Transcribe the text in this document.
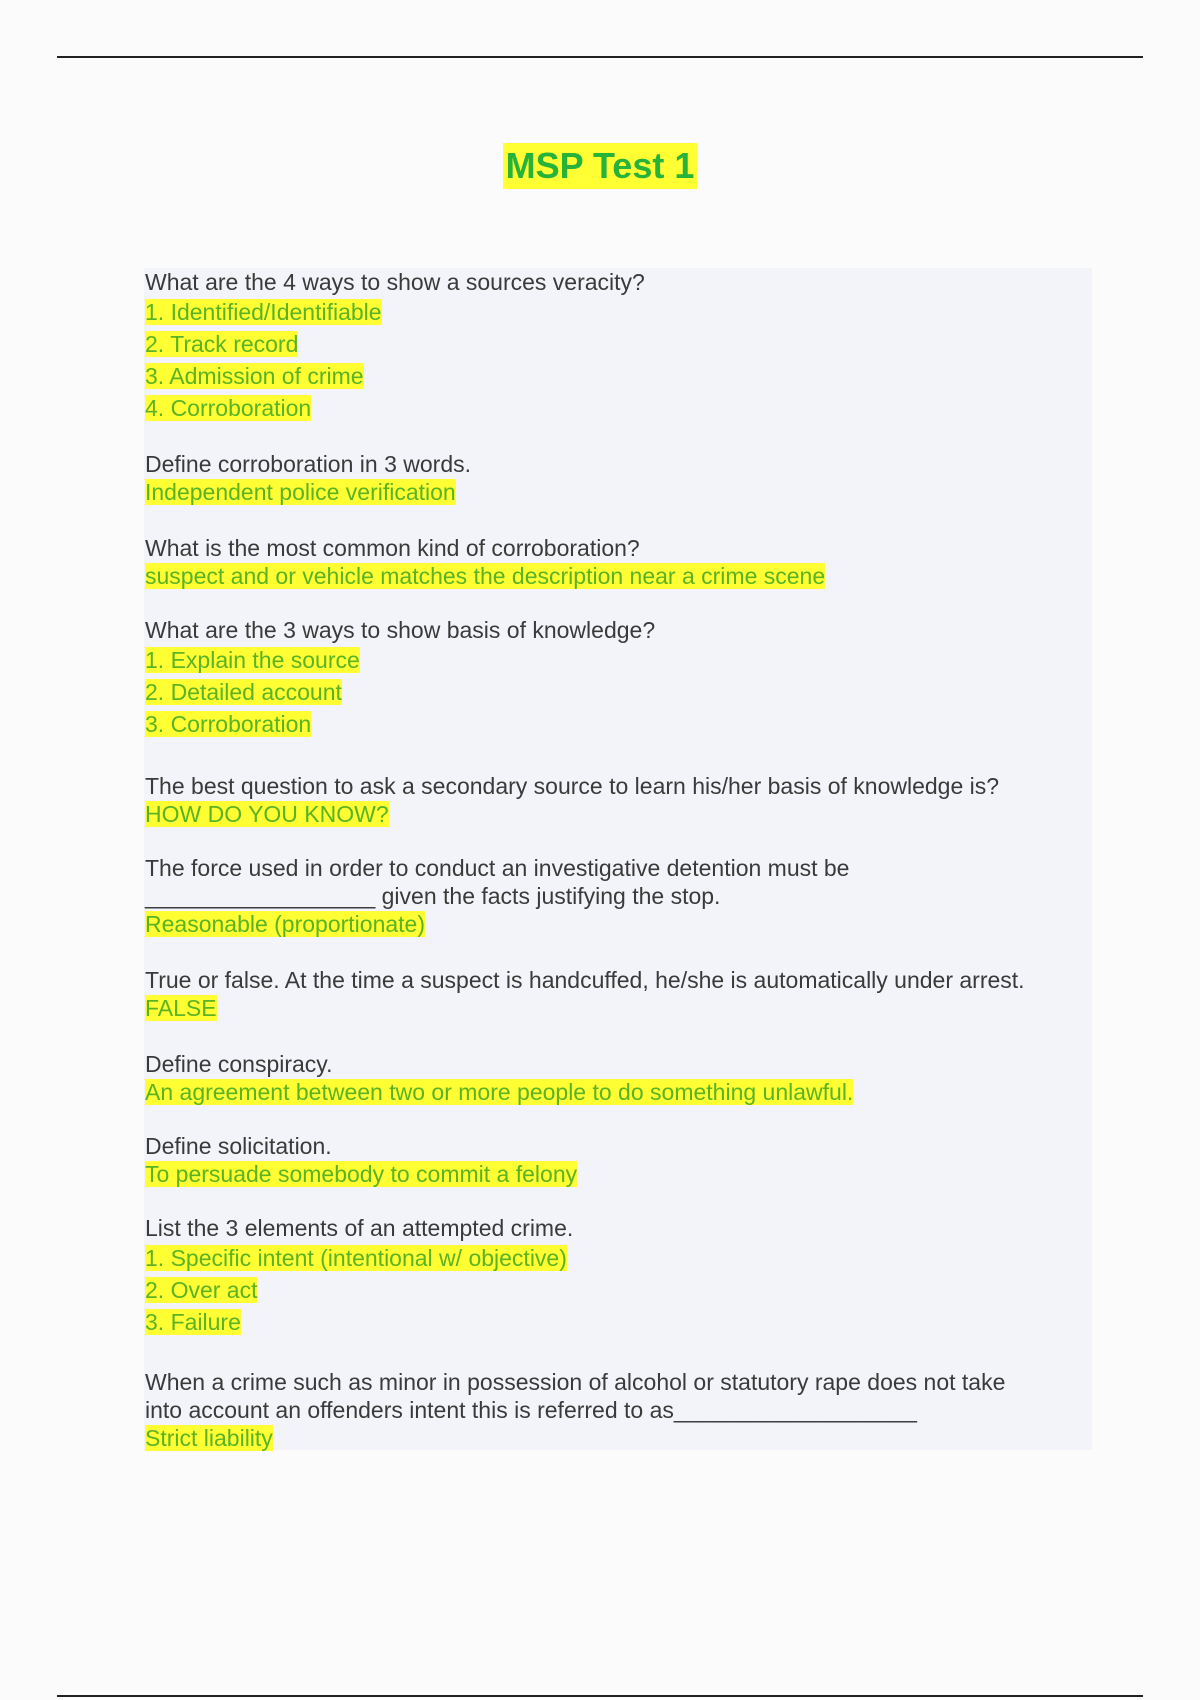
MSP Test 1

What are the 4 ways to show a sources veracity?

1. Identified/Identifiable

2. Track record

3. Admission of crime

4. Corroboration

Define corroboration in 3 words.

Independent police verification

What is the most common kind of corroboration?

suspect and or vehicle matches the description near a crime scene

What are the 3 ways to show basis of knowledge?

1. Explain the source

2. Detailed account

3. Corroboration

The best question to ask a secondary source to learn his/her basis of knowledge is?

HOW DO YOU KNOW?

The force used in order to conduct an investigative detention must be

__________________ given the facts justifying the stop.

Reasonable (proportionate)

True or false. At the time a suspect is handcuffed, he/she is automatically under arrest.

FALSE

Define conspiracy.

An agreement between two or more people to do something unlawful.

Define solicitation.

To persuade somebody to commit a felony

List the 3 elements of an attempted crime.

1. Specific intent (intentional w/ objective)

2. Over act

3. Failure

When a crime such as minor in possession of alcohol or statutory rape does not take

into account an offenders intent this is referred to as___________________

Strict liability
